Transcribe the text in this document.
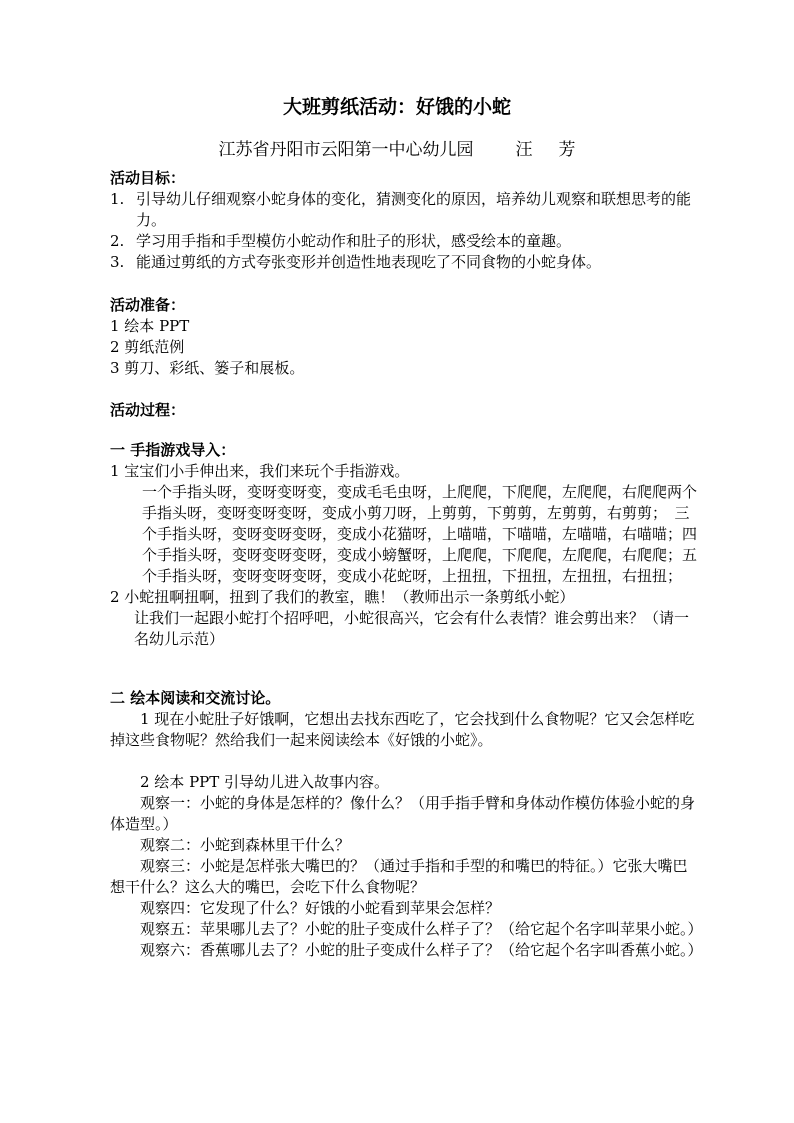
大班剪纸活动：好饿的小蛇
江苏省丹阳市云阳第一中心幼儿园 汪 芳
活动目标：
1. 引导幼儿仔细观察小蛇身体的变化，猜测变化的原因，培养幼儿观察和联想思考的能力。
2. 学习用手指和手型模仿小蛇动作和肚子的形状，感受绘本的童趣。
3. 能通过剪纸的方式夸张变形并创造性地表现吃了不同食物的小蛇身体。
活动准备：
1 绘本 PPT
2 剪纸范例
3 剪刀、彩纸、篓子和展板。
活动过程：
一 手指游戏导入：
1 宝宝们小手伸出来，我们来玩个手指游戏。
一个手指头呀，变呀变呀变，变成毛毛虫呀，上爬爬，下爬爬，左爬爬，右爬爬两个手指头呀，变呀变呀变呀，变成小剪刀呀，上剪剪，下剪剪，左剪剪，右剪剪；　三个手指头呀，变呀变呀变呀，变成小花猫呀，上喵喵，下喵喵，左喵喵，右喵喵；四个手指头呀，变呀变呀变呀，变成小螃蟹呀，上爬爬，下爬爬，左爬爬，右爬爬；五个手指头呀，变呀变呀变呀，变成小花蛇呀，上扭扭，下扭扭，左扭扭，右扭扭；
2 小蛇扭啊扭啊，扭到了我们的教室，瞧！（教师出示一条剪纸小蛇）
让我们一起跟小蛇打个招呼吧，小蛇很高兴，它会有什么表情？谁会剪出来？（请一名幼儿示范）
二 绘本阅读和交流讨论。
1 现在小蛇肚子好饿啊，它想出去找东西吃了，它会找到什么食物呢？它又会怎样吃掉这些食物呢？然给我们一起来阅读绘本《好饿的小蛇》。
2 绘本 PPT 引导幼儿进入故事内容。
观察一：小蛇的身体是怎样的？像什么？（用手指手臂和身体动作模仿体验小蛇的身体造型。）
观察二：小蛇到森林里干什么？
观察三：小蛇是怎样张大嘴巴的？（通过手指和手型的和嘴巴的特征。）它张大嘴巴想干什么？这么大的嘴巴，会吃下什么食物呢？
观察四：它发现了什么？好饿的小蛇看到苹果会怎样？
观察五：苹果哪儿去了？小蛇的肚子变成什么样子了？（给它起个名字叫苹果小蛇。）
观察六：香蕉哪儿去了？小蛇的肚子变成什么样子了？（给它起个名字叫香蕉小蛇。）
